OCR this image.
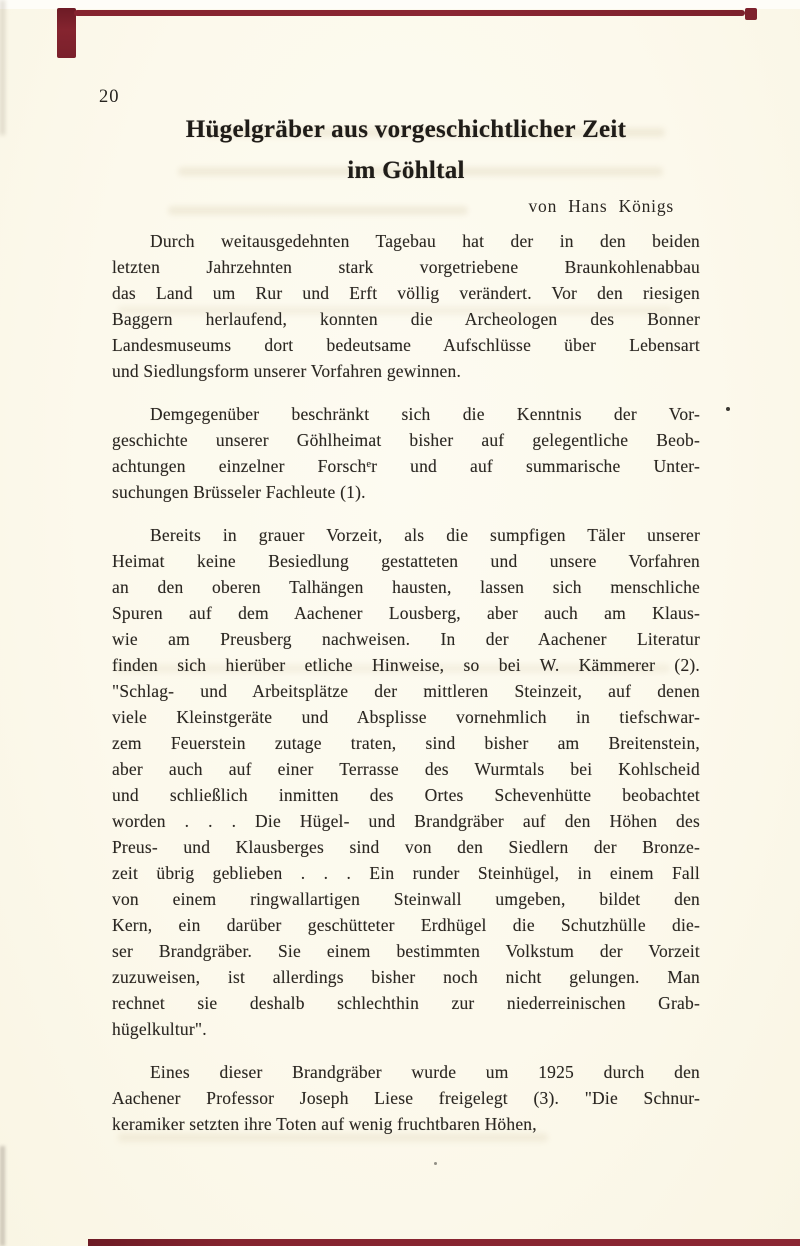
20
Hügelgräber aus vorgeschichtlicher Zeit
im Göhltal
von Hans Königs
Durch weitausgedehnten Tagebau hat der in den beiden
letzten Jahrzehnten stark vorgetriebene Braunkohlenabbau
das Land um Rur und Erft völlig verändert. Vor den riesigen
Baggern herlaufend, konnten die Archeologen des Bonner
Landesmuseums dort bedeutsame Aufschlüsse über Lebensart
und Siedlungsform unserer Vorfahren gewinnen.
Demgegenüber beschränkt sich die Kenntnis der Vor-
geschichte unserer Göhlheimat bisher auf gelegentliche Beob-
achtungen einzelner Forschᵉr und auf summarische Unter-
suchungen Brüsseler Fachleute (1).
Bereits in grauer Vorzeit, als die sumpfigen Täler unserer
Heimat keine Besiedlung gestatteten und unsere Vorfahren
an den oberen Talhängen hausten, lassen sich menschliche
Spuren auf dem Aachener Lousberg, aber auch am Klaus-
wie am Preusberg nachweisen. In der Aachener Literatur
finden sich hierüber etliche Hinweise, so bei W. Kämmerer (2).
"Schlag- und Arbeitsplätze der mittleren Steinzeit, auf denen
viele Kleinstgeräte und Absplisse vornehmlich in tiefschwar-
zem Feuerstein zutage traten, sind bisher am Breitenstein,
aber auch auf einer Terrasse des Wurmtals bei Kohlscheid
und schließlich inmitten des Ortes Schevenhütte beobachtet
worden . . . Die Hügel- und Brandgräber auf den Höhen des
Preus- und Klausberges sind von den Siedlern der Bronze-
zeit übrig geblieben . . . Ein runder Steinhügel, in einem Fall
von einem ringwallartigen Steinwall umgeben, bildet den
Kern, ein darüber geschütteter Erdhügel die Schutzhülle die-
ser Brandgräber. Sie einem bestimmten Volkstum der Vorzeit
zuzuweisen, ist allerdings bisher noch nicht gelungen. Man
rechnet sie deshalb schlechthin zur niederreinischen Grab-
hügelkultur".
Eines dieser Brandgräber wurde um 1925 durch den
Aachener Professor Joseph Liese freigelegt (3). "Die Schnur-
keramiker setzten ihre Toten auf wenig fruchtbaren Höhen,
